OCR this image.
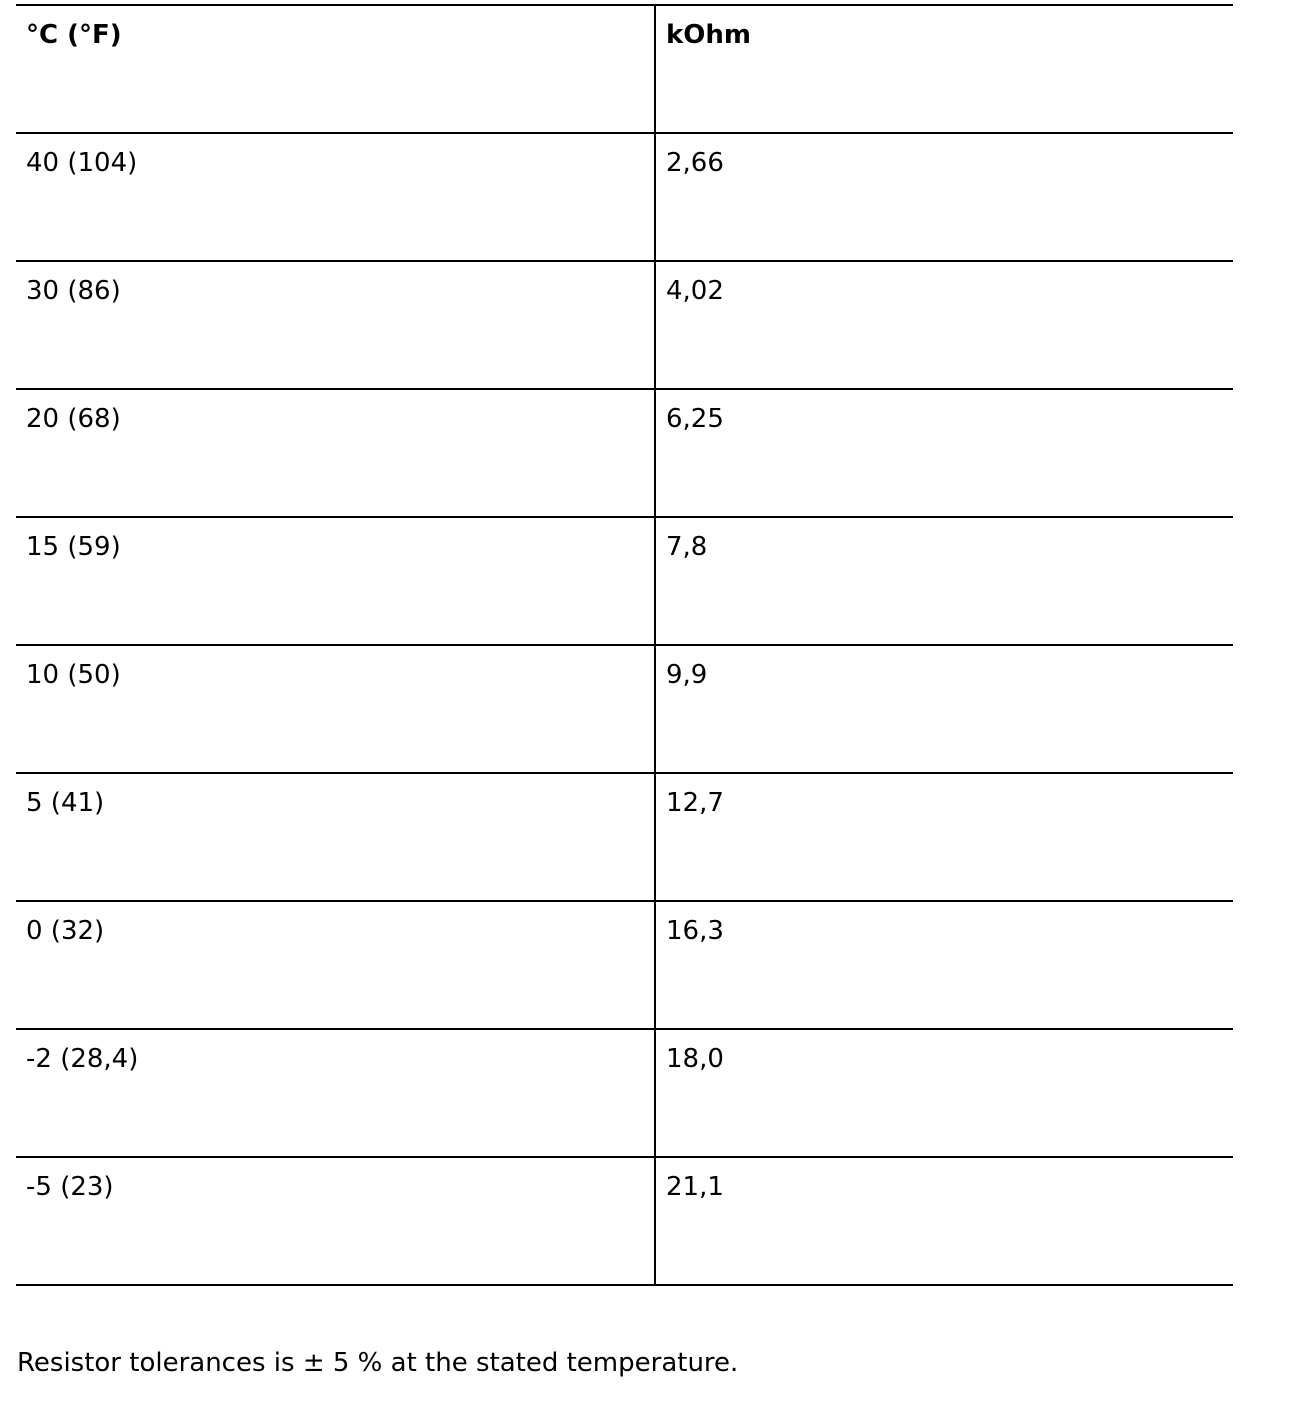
°C (°F)	kOhm

40 (104)	2,66

30 (86)	4,02

20 (68)	6,25

15 (59)	7,8

10 (50)	9,9

5 (41)	12,7

0 (32)	16,3

-2 (28,4)	18,0

-5 (23)	21,1

Resistor tolerances is ± 5 % at the stated temperature.
